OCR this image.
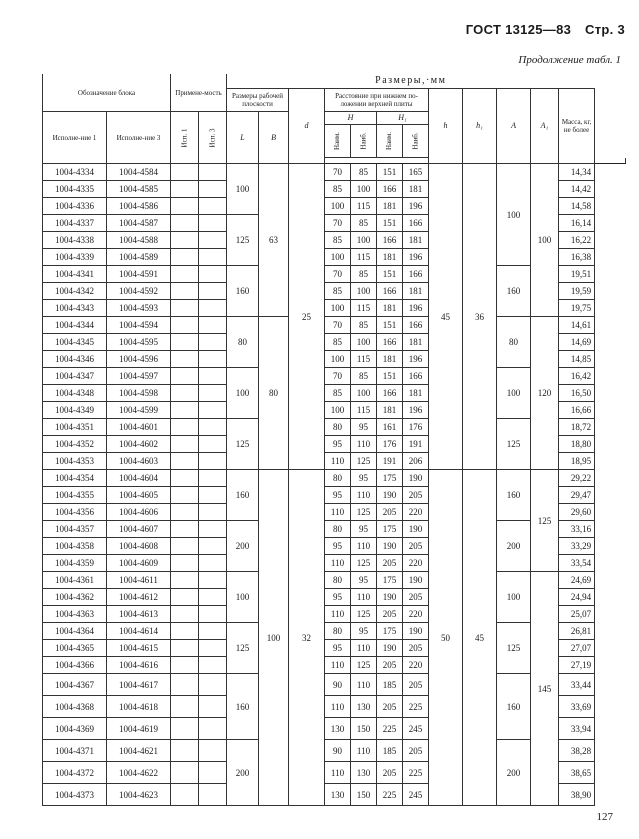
ГОСТ 13125—83 Стр. 3
Продолжение табл. 1
Обозначение блока		Примене-мость		Размеры,·мм											
				Размеры рабочей плоскости		d	Расстояние при нижнем по-ложении верхней плиты				h	h₁	A	A₁	Масса, кг, не более
Исполне-ние 1	Исполне-ние 3	Исп. 1	Исп. 3	L	B		H		H₁						
							Наим.	Наиб.	Наим.	Наиб.					

1004-4334	1004-4584			100	63	25	70	85	151	165	45	36	100	100	14,34
1004-4335	1004-4585						85	100	166	181					14,42
1004-4336	1004-4586						100	115	181	196					14,58
1004-4337	1004-4587			125			70	85	151	166					16,14
1004-4338	1004-4588						85	100	166	181					16,22
1004-4339	1004-4589						100	115	181	196					16,38
1004-4341	1004-4591			160			70	85	151	166			160		19,51
1004-4342	1004-4592						85	100	166	181					19,59
1004-4343	1004-4593						100	115	181	196					19,75
1004-4344	1004-4594			80	80		70	85	151	166			80	120	14,61
1004-4345	1004-4595						85	100	166	181					14,69
1004-4346	1004-4596						100	115	181	196					14,85
1004-4347	1004-4597			100			70	85	151	166			100		16,42
1004-4348	1004-4598						85	100	166	181					16,50
1004-4349	1004-4599						100	115	181	196					16,66
1004-4351	1004-4601			125			80	95	161	176			125		18,72
1004-4352	1004-4602						95	110	176	191					18,80
1004-4353	1004-4603						110	125	191	206					18,95
1004-4354	1004-4604			160	100	32	80	95	175	190	50	45	160	125	29,22
1004-4355	1004-4605						95	110	190	205					29,47
1004-4356	1004-4606						110	125	205	220					29,60
1004-4357	1004-4607			200			80	95	175	190			200		33,16
1004-4358	1004-4608						95	110	190	205					33,29
1004-4359	1004-4609						110	125	205	220					33,54
1004-4361	1004-4611			100			80	95	175	190			100	145	24,69
1004-4362	1004-4612						95	110	190	205					24,94
1004-4363	1004-4613						110	125	205	220					25,07
1004-4364	1004-4614			125			80	95	175	190			125		26,81
1004-4365	1004-4615						95	110	190	205					27,07
1004-4366	1004-4616						110	125	205	220					27,19
1004-4367	1004-4617			160			90	110	185	205			160		33,44
1004-4368	1004-4618						110	130	205	225					33,69
1004-4369	1004-4619						130	150	225	245					33,94
1004-4371	1004-4621			200			90	110	185	205			200		38,28
1004-4372	1004-4622						110	130	205	225					38,65
1004-4373	1004-4623						130	150	225	245					38,90
127
